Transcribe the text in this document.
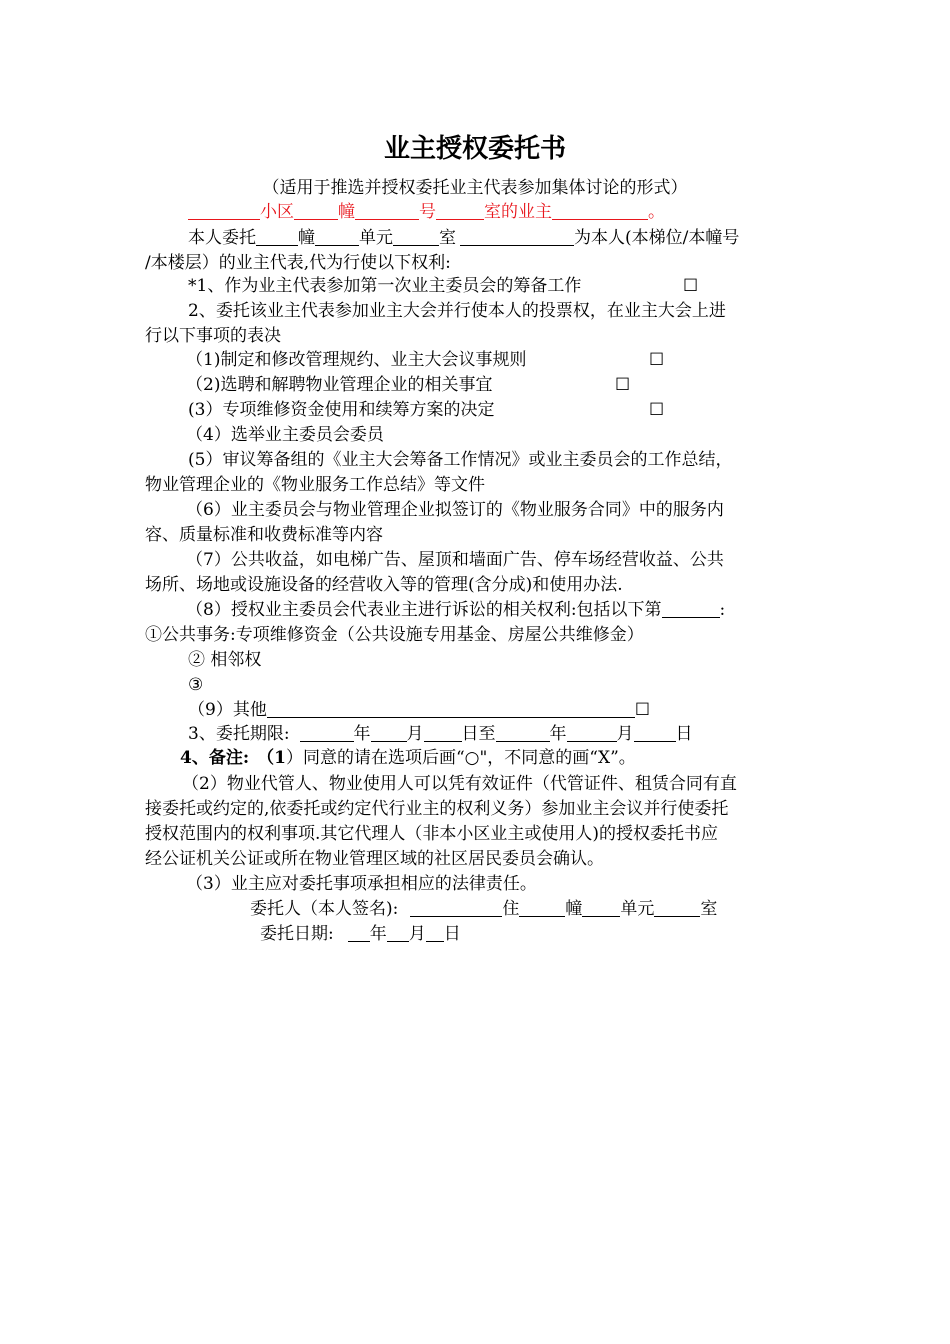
业主授权委托书
（适用于推选并授权委托业主代表参加集体讨论的形式）
小区	幢	号	室的业主	。
本人委托 幢	单元	室	为本人(本梯位/本幢号
/本楼层）的业主代表,代为行使以下权利:
*1、作为业主代表参加第一次业主委员会的筹备工作	☐
2、委托该业主代表参加业主大会并行使本人的投票权，在业主大会上进
行以下事项的表决
（1)制定和修改管理规约、业主大会议事规则	☐
（2)选聘和解聘物业管理企业的相关事宜	☐
(3）专项维修资金使用和续筹方案的决定	☐
（4）选举业主委员会委员
(5）审议筹备组的《业主大会筹备工作情况》或业主委员会的工作总结，
物业管理企业的《物业服务工作总结》等文件
（6）业主委员会与物业管理企业拟签订的《物业服务合同》中的服务内
容、质量标准和收费标准等内容
（7）公共收益，如电梯广告、屋顶和墙面广告、停车场经营收益、公共
场所、场地或设施设备的经营收入等的管理(含分成)和使用办法.
（8）授权业主委员会代表业主进行诉讼的相关权利:包括以下第	:
①公共事务:专项维修资金（公共设施专用基金、房屋公共维修金）
② 相邻权
③
（9）其他	☐
3、委托期限:	年 月 日至	年	月 日
4、备注: （1）同意的请在选项后画“○"，不同意的画“X”。
（2）物业代管人、物业使用人可以凭有效证件（代管证件、租赁合同有直
接委托或约定的,依委托或约定代行业主的权利义务）参加业主会议并行使委托
授权范围内的权利事项.其它代理人（非本小区业主或使用人)的授权委托书应
经公证机关公证或所在物业管理区域的社区居民委员会确认。
（3）业主应对委托事项承担相应的法律责任。
委托人（本人签名):	住	幢 单元	室
委托日期: 年 月 日
